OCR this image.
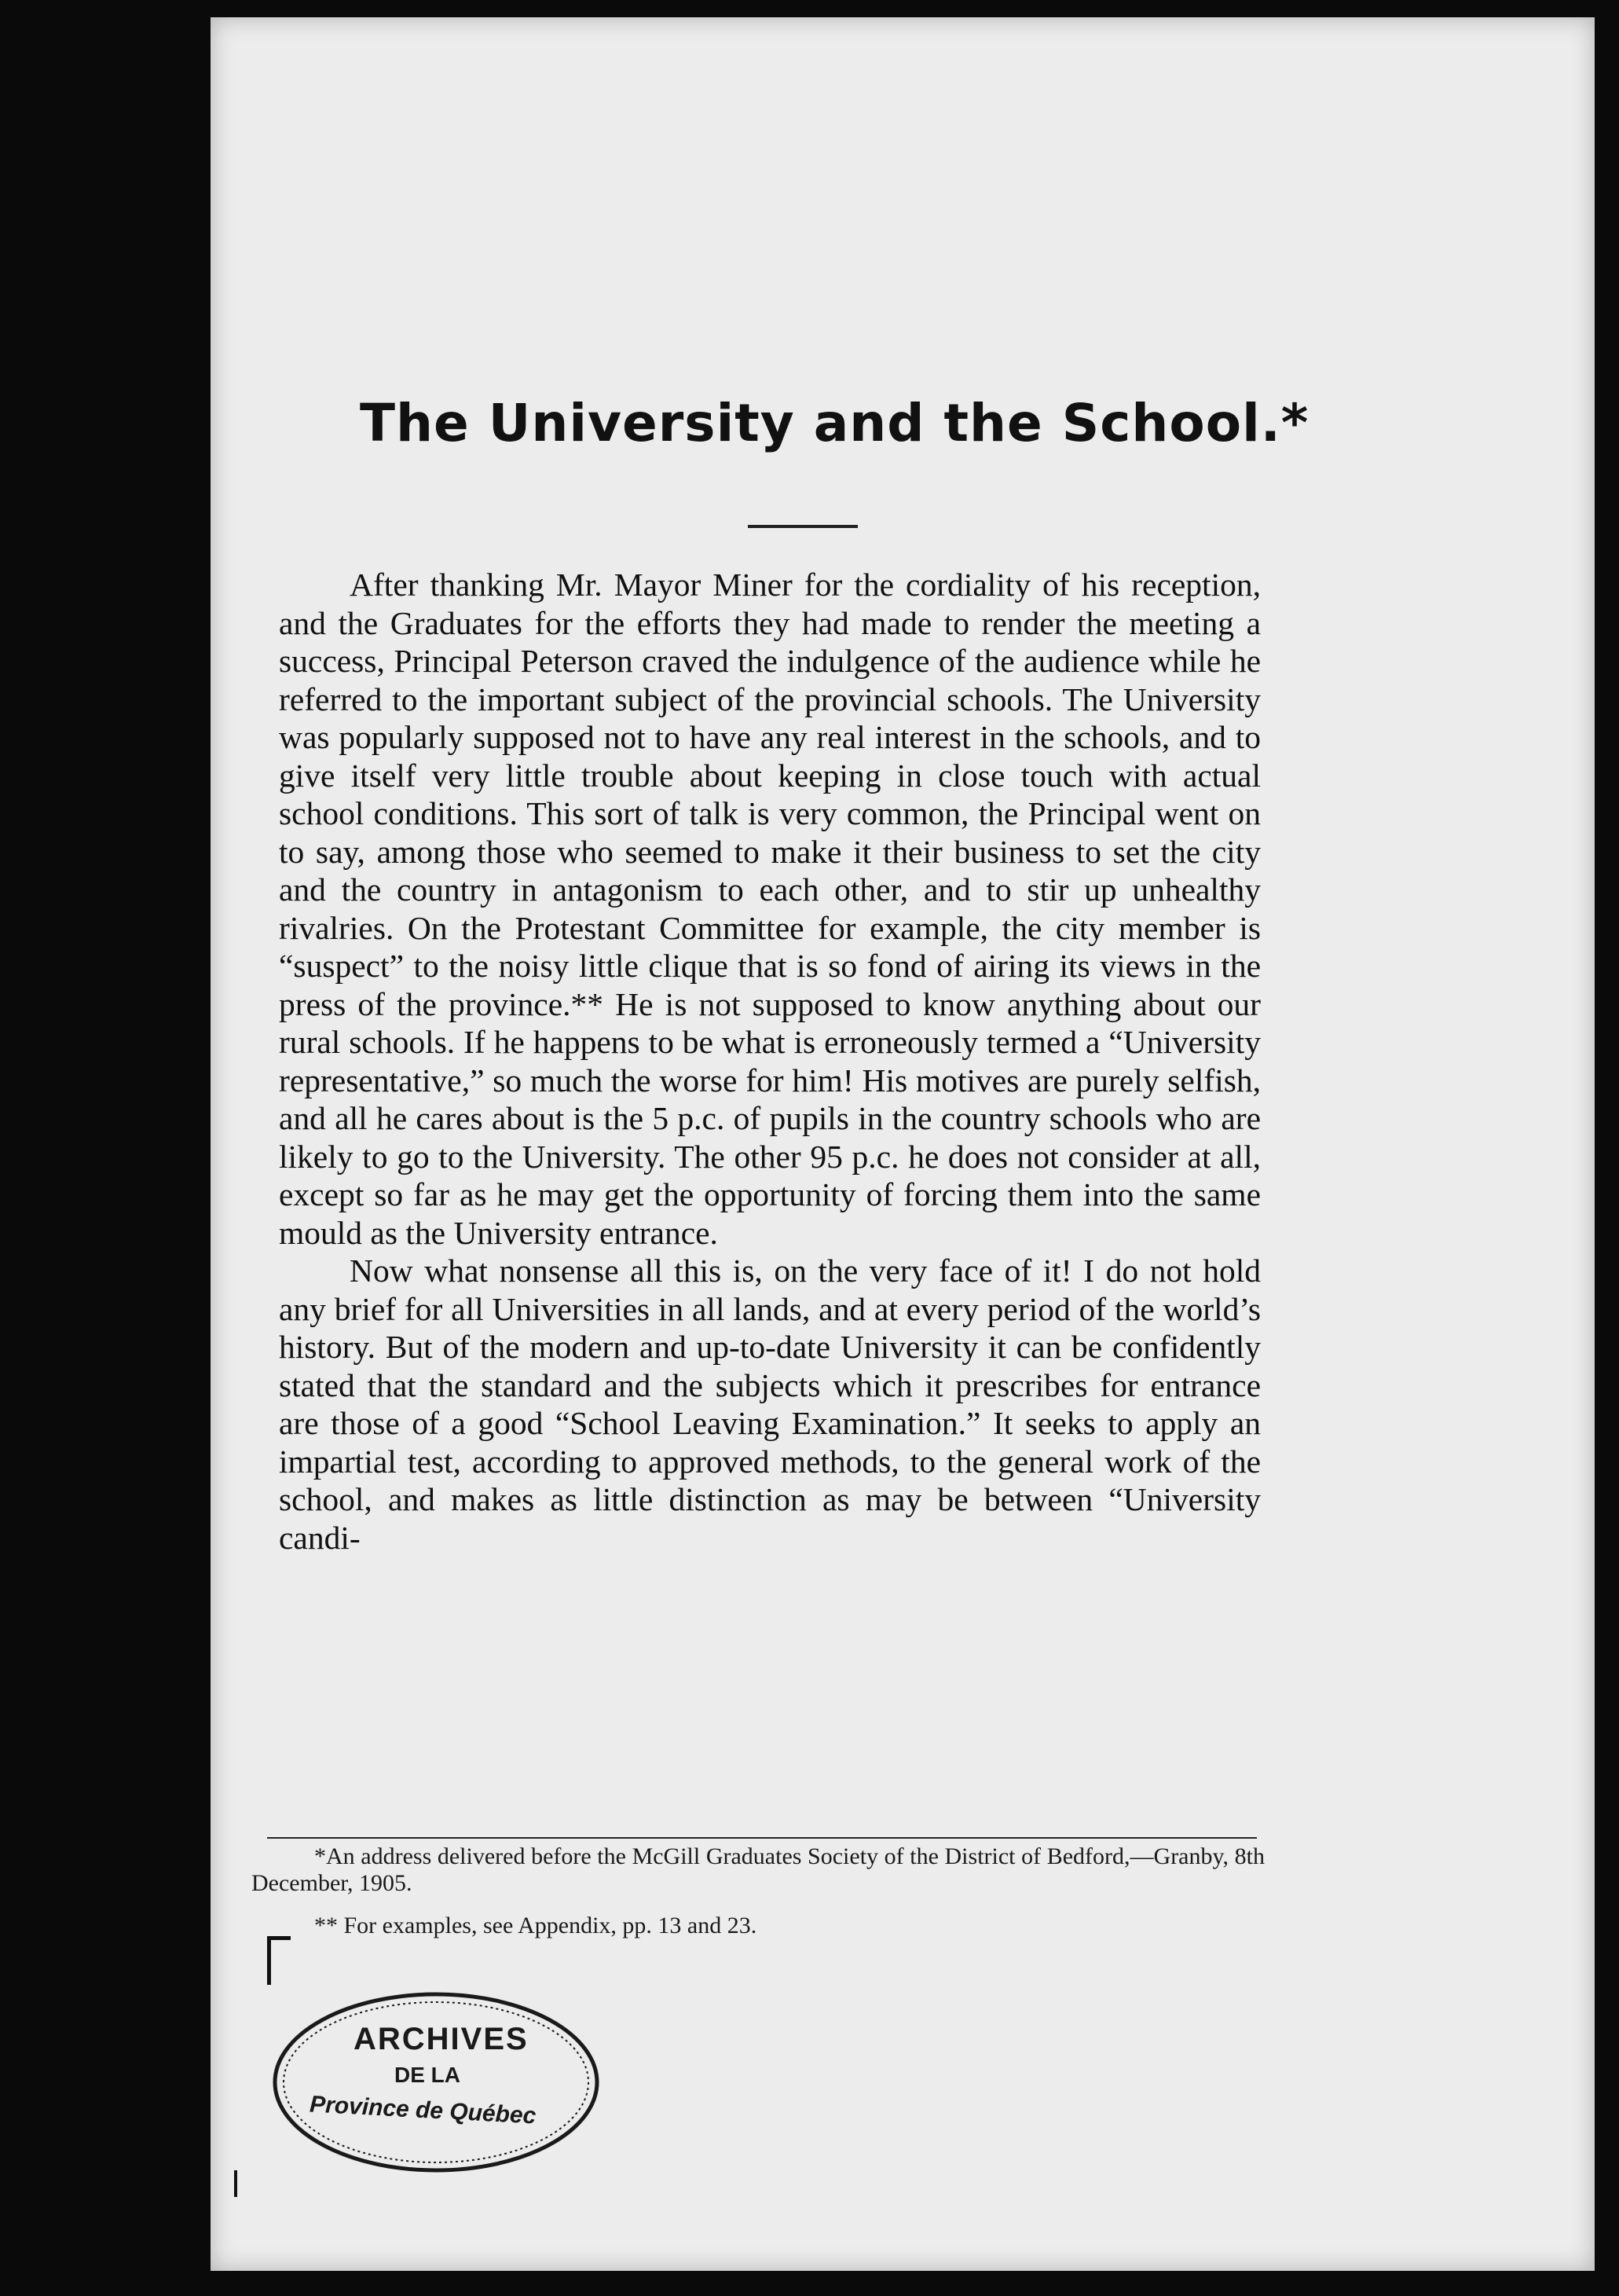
The University and the School.*

After thanking Mr. Mayor Miner for the cordiality of his reception, and the Graduates for the efforts they had made to render the meeting a success, Principal Peterson craved the indulgence of the audience while he referred to the important subject of the provincial schools. The University was popularly supposed not to have any real interest in the schools, and to give itself very little trouble about keeping in close touch with actual school conditions. This sort of talk is very common, the Principal went on to say, among those who seemed to make it their business to set the city and the country in antagonism to each other, and to stir up unhealthy rivalries. On the Protestant Committee for example, the city member is “suspect” to the noisy little clique that is so fond of airing its views in the press of the province.** He is not supposed to know anything about our rural schools. If he happens to be what is erroneously termed a “University representative,” so much the worse for him! His motives are purely selfish, and all he cares about is the 5 p.c. of pupils in the country schools who are likely to go to the University. The other 95 p.c. he does not consider at all, except so far as he may get the opportunity of forcing them into the same mould as the University entrance.

Now what nonsense all this is, on the very face of it! I do not hold any brief for all Universities in all lands, and at every period of the world’s history. But of the modern and up-to-date University it can be confidently stated that the standard and the subjects which it prescribes for entrance are those of a good “School Leaving Examination.” It seeks to apply an impartial test, according to approved methods, to the general work of the school, and makes as little distinction as may be between “University candi-

*An address delivered before the McGill Graduates Society of the District of Bedford,—Granby, 8th December, 1905.

** For examples, see Appendix, pp. 13 and 23.

ARCHIVES
DE LA
Province de Québec
